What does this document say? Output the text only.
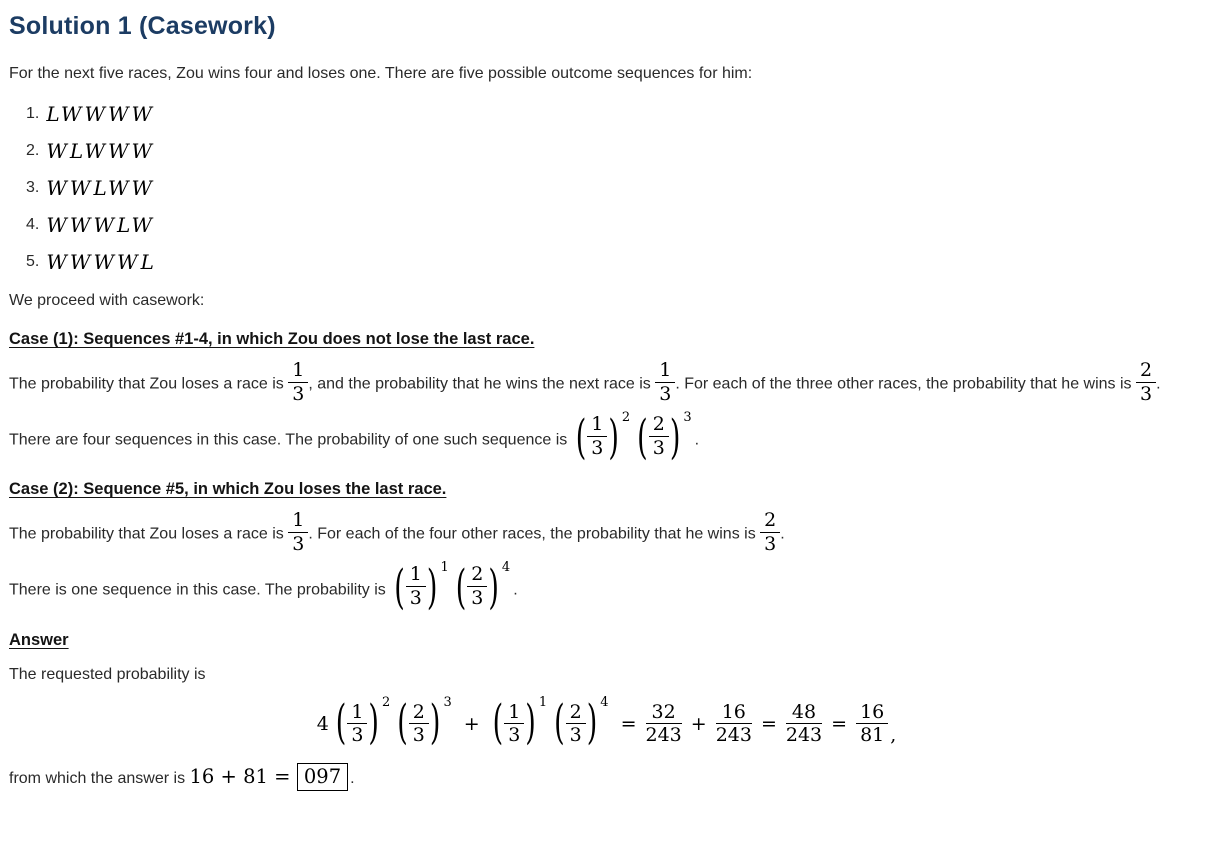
Solution 1 (Casework)

For the next five races, Zou wins four and loses one. There are five possible outcome sequences for him:

1. LWWWW
2. WLWWW
3. WWLWW
4. WWWLW
5. WWWWL

We proceed with casework:

Case (1): Sequences #1-4, in which Zou does not lose the last race.

The probability that Zou loses a race is $\frac{1}{3}$ , and the probability that he wins the next race is $\frac{1}{3}$ . For each of the three other races, the probability that he wins is $\frac{2}{3}$ .

There are four sequences in this case. The probability of one such sequence is ( $\frac{1}{3}$ ) 2 ( $\frac{2}{3}$ ) 3
.

Case (2): Sequence #5, in which Zou loses the last race.

The probability that Zou loses a race is $\frac{1}{3}$ . For each of the four other races, the probability that he wins is $\frac{2}{3}$ .

There is one sequence in this case. The probability is ( $\frac{1}{3}$ ) 1 ( $\frac{2}{3}$ ) 4
.

Answer

The requested probability is

4 ( $\frac{1}{3}$ ) 2 ( $\frac{2}{3}$ ) 3
+ ( $\frac{1}{3}$ ) 1 ( $\frac{2}{3}$ ) 4
= $\frac{32}{243} + \frac{16}{243} = \frac{48}{243} = \frac{16}{81}$ ,

from which the answer is 16 + 81 = 097 .
